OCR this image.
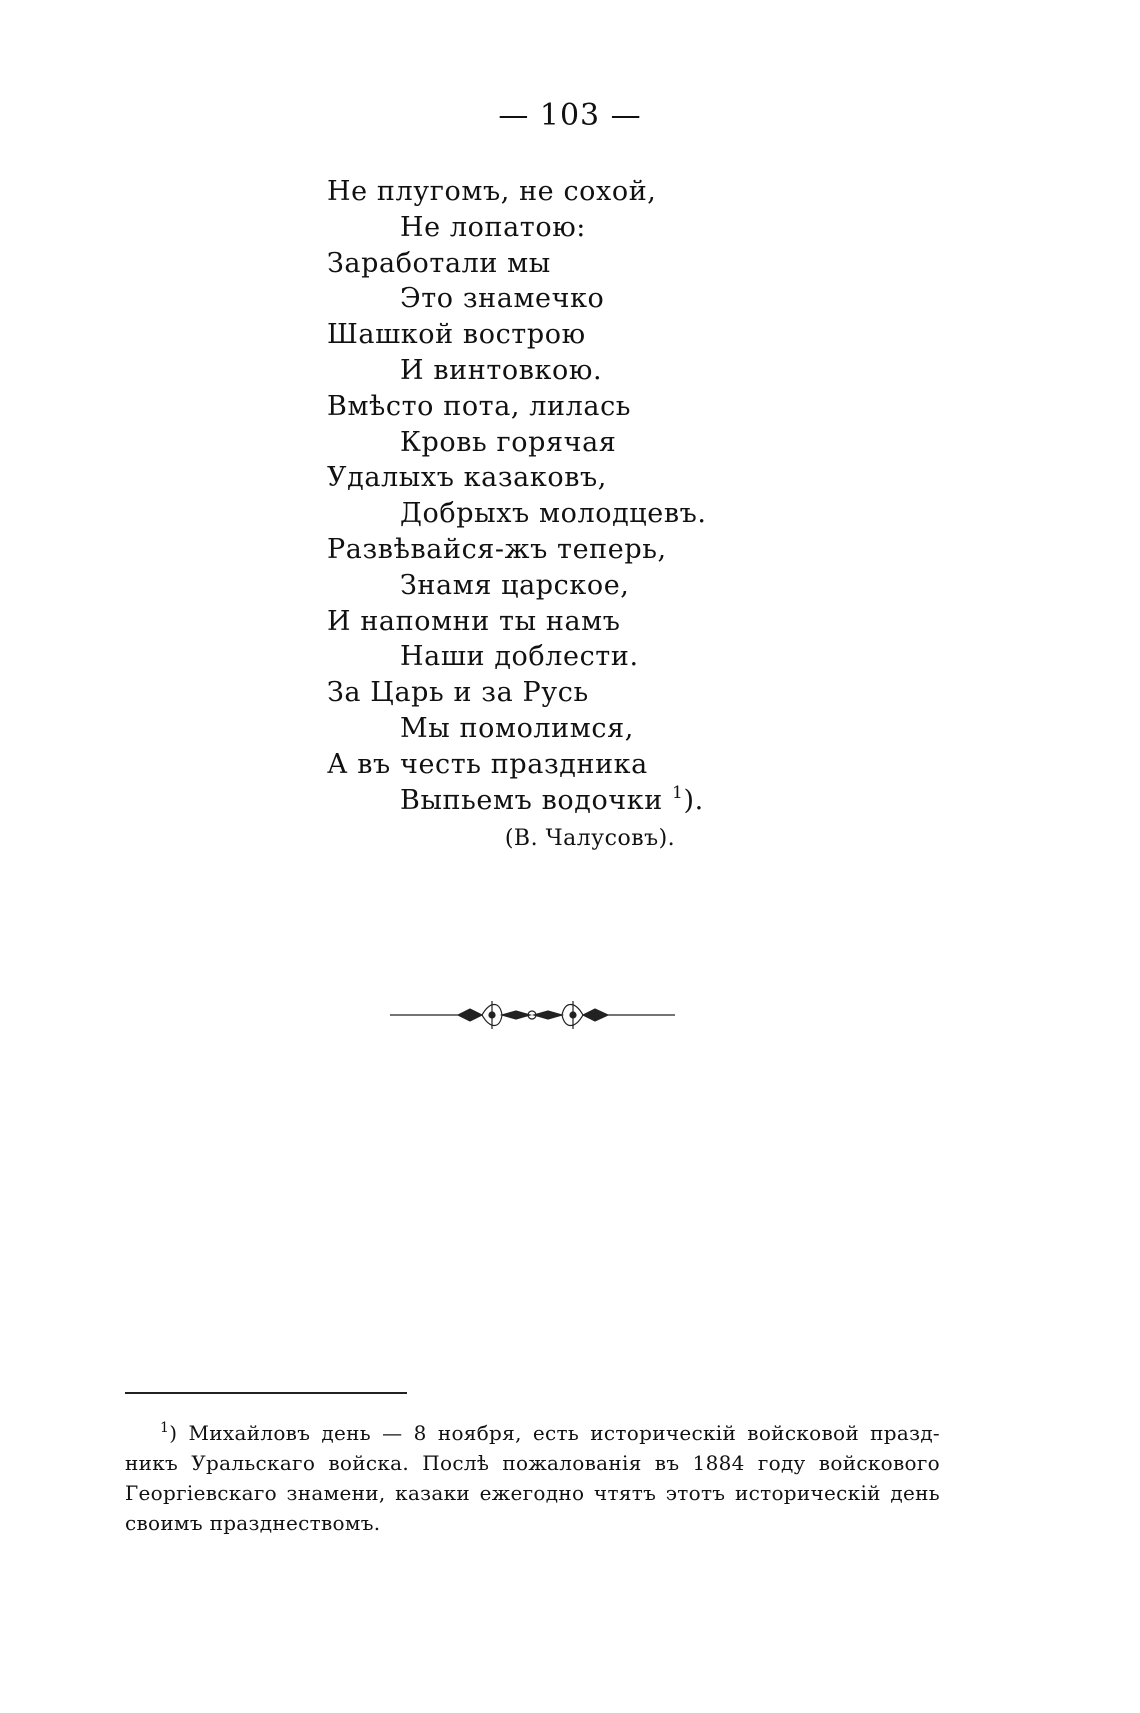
— 103 —
Не плугомъ, не сохой,
Не лопатою:
Заработали мы
Это знамечко
Шашкой вострою
И винтовкою.
Вмѣсто пота, лилась
Кровь горячая
Удалыхъ казаковъ,
Добрыхъ молодцевъ.
Развѣвайся-жъ теперь,
Знамя царское,
И напомни ты намъ
Наши доблести.
За Царь и за Русь
Мы помолимся,
А въ честь праздника
Выпьемъ водочки $^1$).
(В. Чалусовъ).
$^1$) Михайловъ день — 8 ноября, есть историческій войсковой празд-
никъ Уральскаго войска. Послѣ пожалованія въ 1884 году войскового
Георгіевскаго знамени, казаки ежегодно чтятъ этотъ историческій день
своимъ празднествомъ.
